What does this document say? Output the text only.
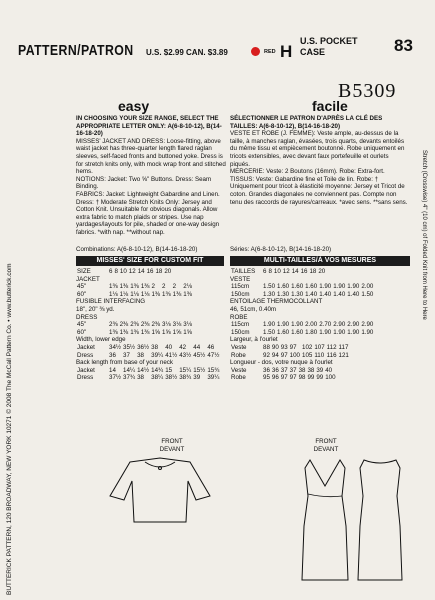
BUTTERICK PATTERN, 120 BROADWAY, NEW YORK 10271 © 2008 The McCall Pattern Co. • www.butterick.com
Stretch (Crosswise) 4" (10 cm) of Folded Knit from Here to Here
PATTERN/PATRON U.S. $2.99 CAN. $3.89	RED H
U.S. POCKET
CASE	83
B5309
easy	facile
IN CHOOSING YOUR SIZE RANGE, SELECT THE APPROPRIATE LETTER ONLY: A(6-8-10-12), B(14-16-18-20)
MISSES' JACKET AND DRESS: Loose-fitting, above waist jacket has three-quarter length flared raglan sleeves, self-faced fronts and buttoned yoke. Dress is for stretch knits only, with mock wrap front and stitched hems.
NOTIONS: Jacket: Two ⅝" Buttons. Dress: Seam Binding.
FABRICS: Jacket: Lightweight Gabardine and Linen. Dress: † Moderate Stretch Knits Only: Jersey and Cotton Knit. Unsuitable for obvious diagonals. Allow extra fabric to match plaids or stripes. Use nap yardages/layouts for pile, shaded or one-way design fabrics. *with nap. **without nap.
SÉLECTIONNER LE PATRON D'APRÈS LA CLÉ DES TAILLES: A(6-8-10-12), B(14-16-18-20)
VESTE ET ROBE (J. FEMME): Veste ample, au-dessus de la taille, à manches raglan, évasées, trois quarts, devants entoilés du même tissu et empiècement boutonné. Robe uniquement en tricots extensibles, avec devant faux portefeuille et ourlets piqués.
MERCERIE: Veste: 2 Boutons (16mm). Robe: Extra-fort.
TISSUS: Veste: Gabardine fine et Toile de lin. Robe: † Uniquement pour tricot à élasticité moyenne: Jersey et Tricot de coton. Grandes diagonales ne conviennent pas. Compte non tenu des raccords de rayures/carreaux. *avec sens. **sans sens.
Combinations: A(6-8-10-12), B(14-16-18-20)	Séries: A(6-8-10-12), B(14-16-18-20)
MISSES' SIZE FOR CUSTOM FIT	MULTI-TAILLES/À VOS MESURES
SIZE	6	8	10	12	14	16	18	20
JACKET
45"	1⅜	1⅜	1⅜	1⅜	2	2	2	2⅛
60"	1⅛	1⅛	1⅛	1⅛	1⅜	1⅜	1⅜	1⅜
FUSIBLE INTERFACING
18", 20" ⅜ yd.
DRESS
45"	2⅜	2⅜	2⅜	2⅜	2⅜	3⅛	3⅛	3⅛
60"	1⅜	1⅜	1⅜	1⅜	1⅝	1⅝	1⅝	1⅝
Width, lower edge
Jacket	34½	35½	36½	38	40	42	44	46
Dress	36	37	38	39¼	41½	43½	45½	47½
Back length from base of your neck
Jacket	14	14¼	14½	14¾	15	15¼	15½	15¾
Dress	37½	37¾	38	38¼	38½	38¾	39	39¼
TAILLES	6	8	10	12	14	16	18	20
VESTE
115cm	1.50	1.60	1.60	1.60	1.90	1.90	1.90	2.00
150cm	1.30	1.30	1.30	1.40	1.40	1.40	1.40	1.50
ENTOILAGE THERMOCOLLANT
46, 51cm, 0.40m
ROBE
115cm	1.90	1.90	1.90	2.00	2.70	2.90	2.90	2.90
150cm	1.50	1.60	1.60	1.80	1.90	1.90	1.90	1.90
Largeur, à l'ourlet
Veste	88	90	93	97	102	107	112	117
Robe	92	94	97	100	105	110	116	121
Longueur - dos, votre nuque à l'ourlet
Veste	36	36	37	37	38	38	39	40
Robe	95	96	97	97	98	99	99	100
FRONT
DEVANT
FRONT
DEVANT
